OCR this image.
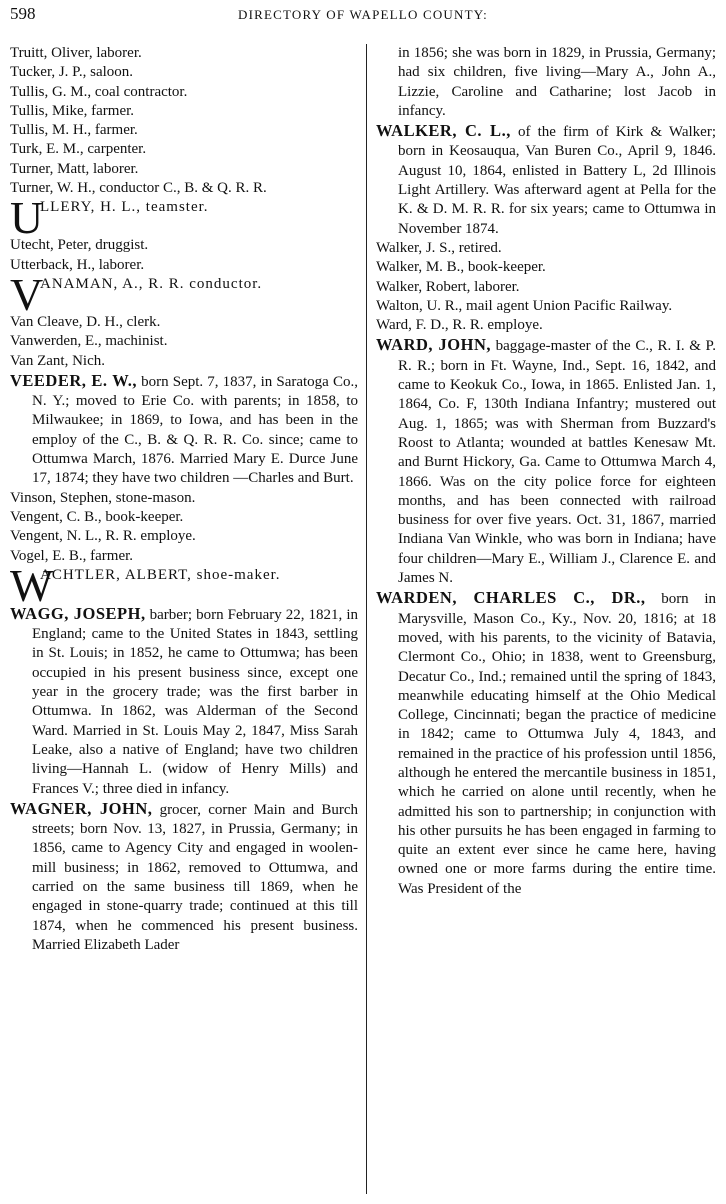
598	DIRECTORY OF WAPELLO COUNTY:

Truitt, Oliver, laborer.

Tucker, J. P., saloon.

Tullis, G. M., coal contractor.

Tullis, Mike, farmer.

Tullis, M. H., farmer.

Turk, E. M., carpenter.

Turner, Matt, laborer.

Turner, W. H., conductor C., B. & Q. R. R.

U
LLERY, H. L., teamster.

Utecht, Peter, druggist.

Utterback, H., laborer.

V
ANAMAN, A., R. R. conductor.

Van Cleave, D. H., clerk.

Vanwerden, E., machinist.

Van Zant, Nich.

VEEDER, E. W., born Sept. 7, 1837, in Saratoga Co., N. Y.; moved to Erie Co. with parents; in 1858, to Milwaukee; in 1869, to Iowa, and has been in the employ of the C., B. & Q. R. R. Co. since; came to Ottumwa March, 1876. Married Mary E. Durce June 17, 1874; they have two children —Charles and Burt.

Vinson, Stephen, stone-mason.

Vengent, C. B., book-keeper.

Vengent, N. L., R. R. employe.

Vogel, E. B., farmer.

W
ACHTLER, ALBERT, shoe-maker.

WAGG, JOSEPH, barber; born February 22, 1821, in England; came to the United States in 1843, settling in St. Louis; in 1852, he came to Ottumwa; has been occupied in his present business since, except one year in the grocery trade; was the first barber in Ottumwa. In 1862, was Alderman of the Second Ward. Married in St. Louis May 2, 1847, Miss Sarah Leake, also a native of England; have two children living—Hannah L. (widow of Henry Mills) and Frances V.; three died in infancy.

WAGNER, JOHN, grocer, corner Main and Burch streets; born Nov. 13, 1827, in Prussia, Germany; in 1856, came to Agency City and engaged in woolen-mill business; in 1862, removed to Ottumwa, and carried on the same business till 1869, when he engaged in stone-quarry trade; continued at this till 1874, when he commenced his present business. Married Elizabeth Lader

in 1856; she was born in 1829, in Prussia, Germany; had six children, five living—Mary A., John A., Lizzie, Caroline and Catharine; lost Jacob in infancy.

WALKER, C. L., of the firm of Kirk & Walker; born in Keosauqua, Van Buren Co., April 9, 1846. August 10, 1864, enlisted in Battery L, 2d Illinois Light Artillery. Was afterward agent at Pella for the K. & D. M. R. R. for six years; came to Ottumwa in November 1874.

Walker, J. S., retired.

Walker, M. B., book-keeper.

Walker, Robert, laborer.

Walton, U. R., mail agent Union Pacific Railway.

Ward, F. D., R. R. employe.

WARD, JOHN, baggage-master of the C., R. I. & P. R. R.; born in Ft. Wayne, Ind., Sept. 16, 1842, and came to Keokuk Co., Iowa, in 1865. Enlisted Jan. 1, 1864, Co. F, 130th Indiana Infantry; mustered out Aug. 1, 1865; was with Sherman from Buzzard's Roost to Atlanta; wounded at battles Kenesaw Mt. and Burnt Hickory, Ga. Came to Ottumwa March 4, 1866. Was on the city police force for eighteen months, and has been connected with railroad business for over five years. Oct. 31, 1867, married Indiana Van Winkle, who was born in Indiana; have four children—Mary E., William J., Clarence E. and James N.

WARDEN, CHARLES C., DR., born in Marysville, Mason Co., Ky., Nov. 20, 1816; at 18 moved, with his parents, to the vicinity of Batavia, Clermont Co., Ohio; in 1838, went to Greensburg, Decatur Co., Ind.; remained until the spring of 1843, meanwhile educating himself at the Ohio Medical College, Cincinnati; began the practice of medicine in 1842; came to Ottumwa July 4, 1843, and remained in the practice of his profession until 1856, although he entered the mercantile business in 1851, which he carried on alone until recently, when he admitted his son to partnership; in conjunction with his other pursuits he has been engaged in farming to quite an extent ever since he came here, having owned one or more farms during the entire time. Was President of the
